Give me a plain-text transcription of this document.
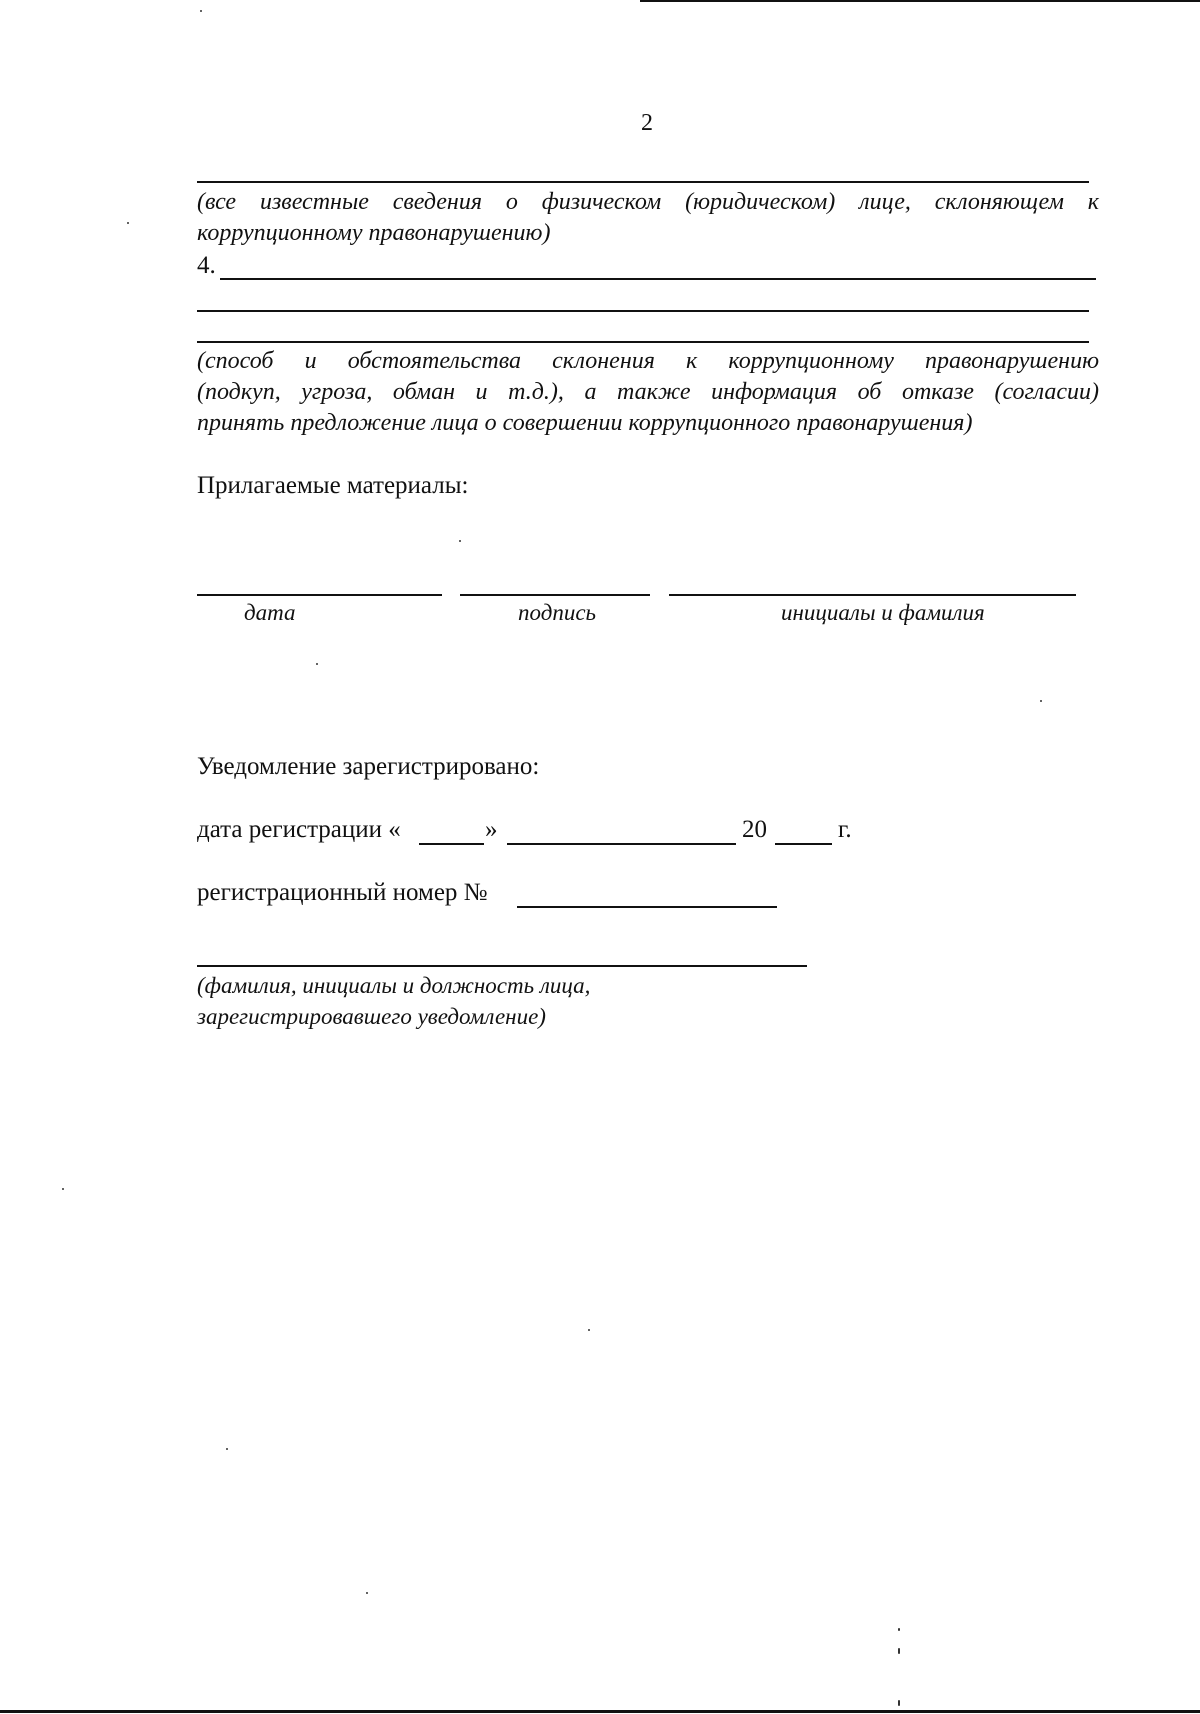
2
(все известные сведения о физическом (юридическом) лице, склоняющем к
коррупционному правонарушению)
4.
(способ и обстоятельства склонения к коррупционному правонарушению
(подкуп, угроза, обман и т.д.), а также информация об отказе (согласии)
принять предложение лица о совершении коррупционного правонарушения)
Прилагаемые материалы:
дата	подпись	инициалы и фамилия
Уведомление зарегистрировано:
дата регистрации «	»	20	г.
регистрационный номер №
(фамилия, инициалы и должность лица,
зарегистрировавшего уведомление)
